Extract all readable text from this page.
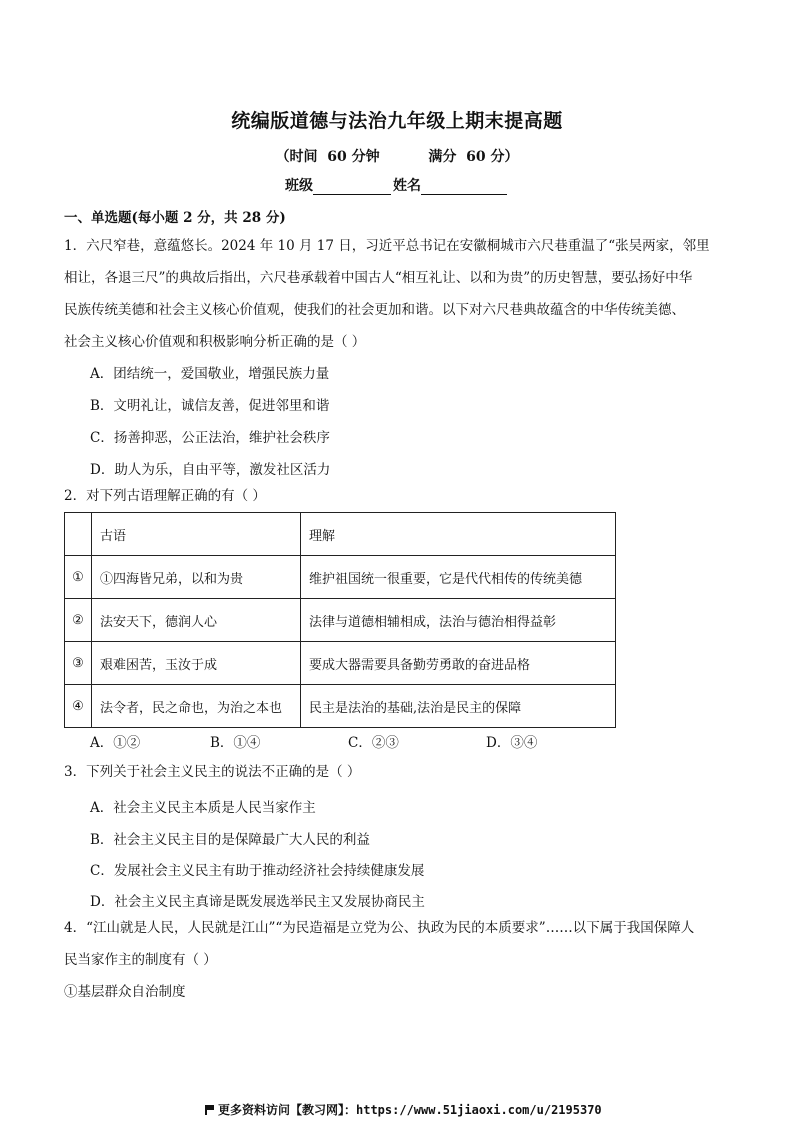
统编版道德与法治九年级上期末提高题
（时间  60 分钟	满分  60 分）
班级	姓名
一、单选题(每小题 2 分，共 28 分)

1．六尺窄巷，意蕴悠长。2024 年 10 月 17 日，习近平总书记在安徽桐城市六尺巷重温了“张吴两家，邻里

相让，各退三尺”的典故后指出，六尺巷承载着中国古人“相互礼让、以和为贵”的历史智慧，要弘扬好中华

民族传统美德和社会主义核心价值观，使我们的社会更加和谐。以下对六尺巷典故蕴含的中华传统美德、

社会主义核心价值观和积极影响分析正确的是（ ）

A．团结统一，爱国敬业，增强民族力量
B．文明礼让，诚信友善，促进邻里和谐
C．扬善抑恶，公正法治，维护社会秩序
D．助人为乐，自由平等，激发社区活力

2．对下列古语理解正确的有（ ）

	古语	理解
①	①四海皆兄弟，以和为贵	维护祖国统一很重要，它是代代相传的传统美德
②	法安天下，德润人心	法律与道德相辅相成，法治与德治相得益彰
③	艰难困苦，玉汝于成	要成大器需要具备勤劳勇敢的奋进品格
④	法令者，民之命也，为治之本也	民主是法治的基础,法治是民主的保障
A．①②	B．①④	C．②③	D．③④

3．下列关于社会主义民主的说法不正确的是（ ）

A．社会主义民主本质是人民当家作主
B．社会主义民主目的是保障最广大人民的利益
C．发展社会主义民主有助于推动经济社会持续健康发展
D．社会主义民主真谛是既发展选举民主又发展协商民主

4．“江山就是人民，人民就是江山”“为民造福是立党为公、执政为民的本质要求”……以下属于我国保障人

民当家作主的制度有（ ）

①基层群众自治制度

更多资料访问【教习网】：https://www.51jiaoxi.com/u/2195370
